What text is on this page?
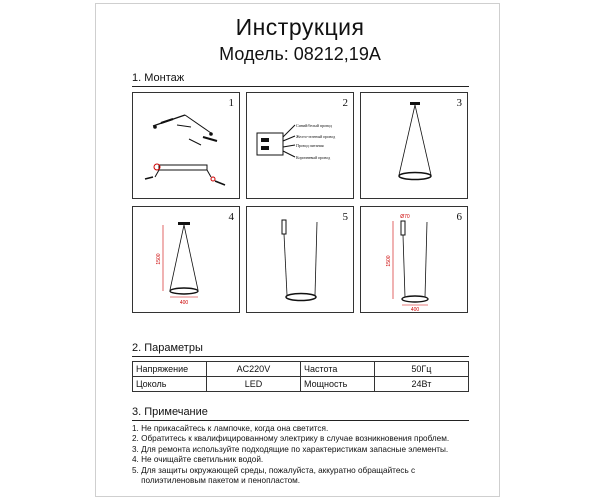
Инструкция
Модель: 08212,19A
1. Монтаж
1	2
Синий/белый провод
Желто-зеленый провод
Провод питания
Коричневый провод
3
4
1500
400
5	6
Ø70
1500
400
2. Параметры
Напряжение	AC220V	Частота	50Гц
Цоколь	LED	Мощность	24Вт
3. Примечание
1. Не прикасайтесь к лампочке, когда она светится.
2. Обратитесь к квалифицированному электрику в случае возникновения проблем.
3. Для ремонта используйте подходящие по характеристикам запасные элементы.
4. Не очищайте светильник водой.
5. Для защиты окружающей среды, пожалуйста, аккуратно обращайтесь с
полиэтиленовым пакетом и пенопластом.
